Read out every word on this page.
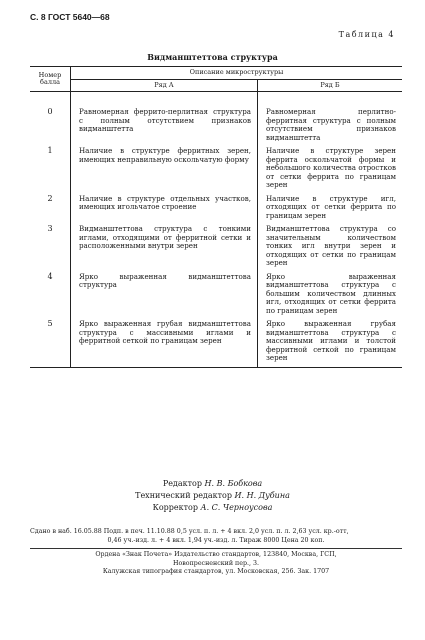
С. 8 ГОСТ 5640—68
Таблица 4
Видманштеттова структура
Номер балла	Описание микроструктуры	
	Ряд А	Ряд Б
0	Равномерная феррито-перлитная структура с полным отсутствием признаков видманштетта	Равномерная перлитно-ферритная структура с полным отсутствием признаков видманштетта
1	Наличие в структуре ферритных зерен, имеющих неправильную оскольчатую форму	Наличие в структуре зерен феррита оскольчатой формы и небольшого количества отростков от сетки феррита по границам зерен
2	Наличие в структуре отдельных участков, имеющих игольчатое строение	Наличие в структуре игл, отходящих от сетки феррита по границам зерен
3	Видманштеттова структура с тонкими иглами, отходящими от ферритной сетки и расположенными внутри зерен	Видманштеттова структура со значительным количеством тонких игл внутри зерен и отходящих от сетки по границам зерен
4	Ярко выраженная видманштеттова структура	Ярко выраженная видманштеттова структура с большим количеством длинных игл, отходящих от сетки феррита по границам зерен
5	Ярко выраженная грубая видманштеттова структура с массивными иглами и ферритной сеткой по границам зерен	Ярко выраженная грубая видманштеттова структура с массивными иглами и толстой ферритной сеткой по границам зерен
Редактор Н. В. Бобкова
Технический редактор И. Н. Дубина
Корректор А. С. Черноусова

Сдано в наб. 16.05.88 Подп. в печ. 11.10.88 0,5 усл. п. л. + 4 вкл. 2,0 усл. п. л. 2,63 усл. кр.-отт,

0,46 уч.-изд. л. + 4 вкл. 1,94 уч.-изд. л. Тираж 8000 Цена 20 коп.

Ордена «Знак Почета» Издательство стандартов, 123840, Москва, ГСП,

Новопресненский пер., 3.

Калужская типография стандартов, ул. Московская, 256. Зак. 1707
